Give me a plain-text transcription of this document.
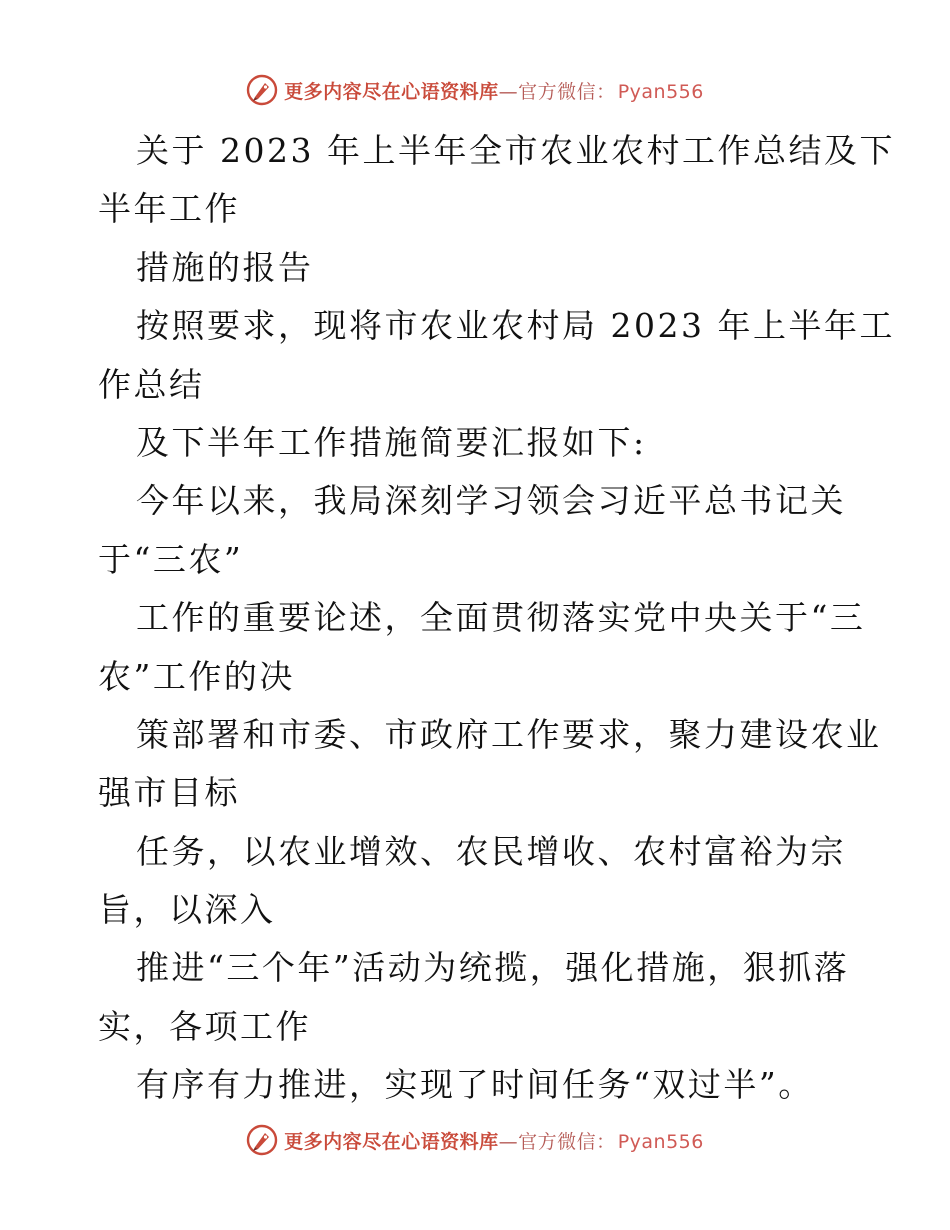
更多内容尽在心语资料库 —官方微信： Pyan556
关于 2023 年上半年全市农业农村工作总结及下
半年工作
措施的报告
按照要求，现将市农业农村局 2023 年上半年工
作总结
及下半年工作措施简要汇报如下:
今年以来，我局深刻学习领会习近平总书记关
于“三农”
工作的重要论述，全面贯彻落实党中央关于“三
农”工作的决
策部署和市委、市政府工作要求，聚力建设农业
强市目标
任务，以农业增效、农民增收、农村富裕为宗
旨，以深入
推进“三个年”活动为统揽，强化措施，狠抓落
实，各项工作
有序有力推进，实现了时间任务“双过半”。
更多内容尽在心语资料库 —官方微信： Pyan556
